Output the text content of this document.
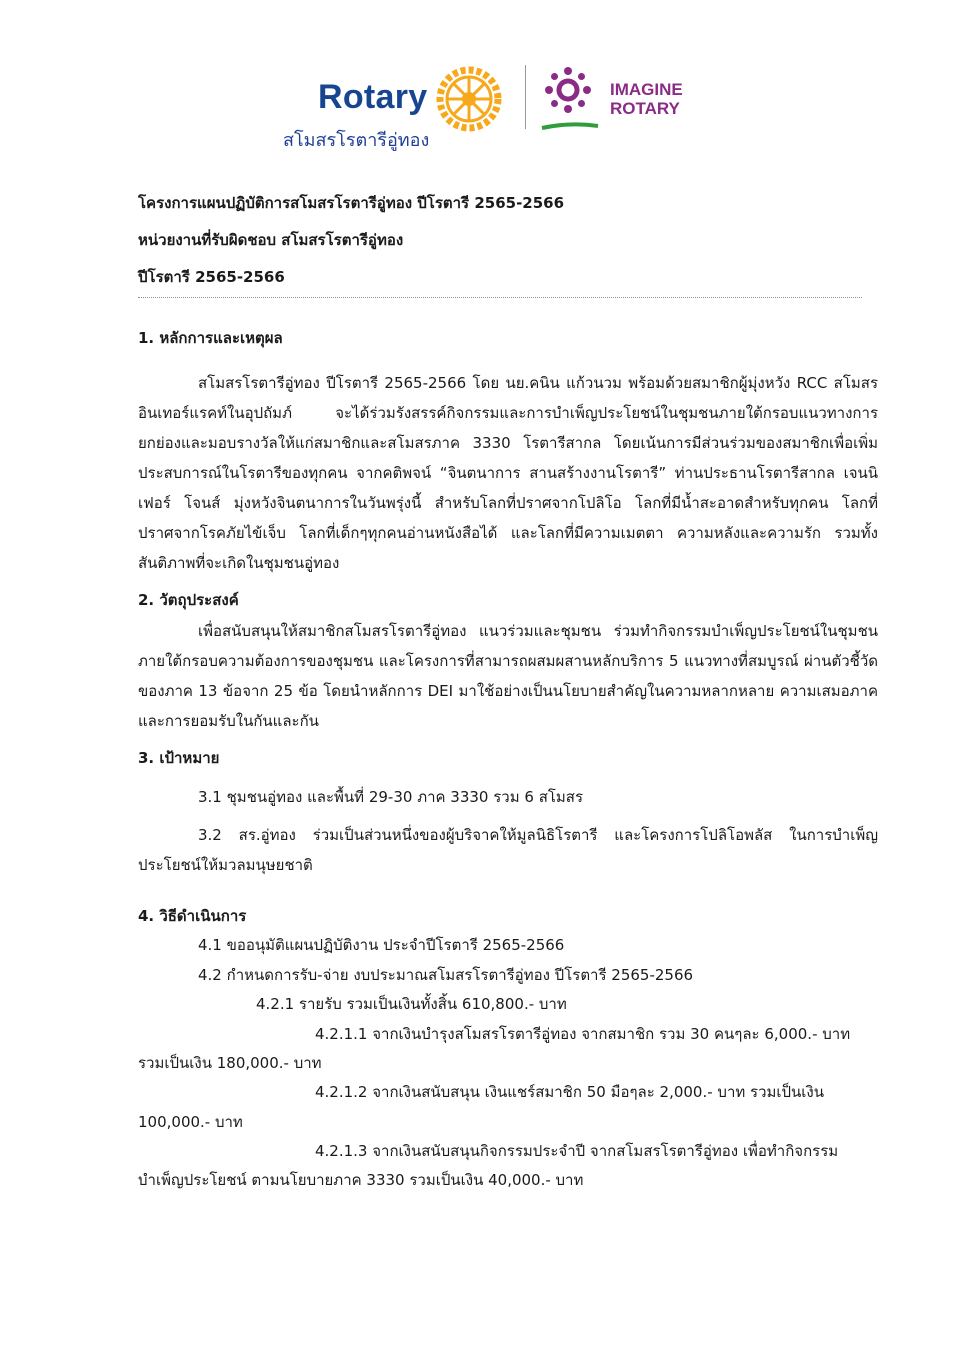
Rotary
สโมสรโรตารีอู่ทอง
IMAGINE
ROTARY
โครงการแผนปฏิบัติการสโมสรโรตารีอู่ทอง ปีโรตารี 2565-2566
หน่วยงานที่รับผิดชอบ สโมสรโรตารีอู่ทอง
ปีโรตารี 2565-2566
1. หลักการและเหตุผล
สโมสรโรตารีอู่ทอง ปีโรตารี 2565-2566 โดย นย.คนิน แก้วนวม พร้อมด้วยสมาชิกผู้มุ่งหวัง RCC สโมสรอินเทอร์แรคท์ในอุปถัมภ์ จะได้ร่วมรังสรรค์กิจกรรมและการบำเพ็ญประโยชน์ในชุมชนภายใต้กรอบแนวทางการยกย่องและมอบรางวัลให้แก่สมาชิกและสโมสรภาค 3330 โรตารีสากล โดยเน้นการมีส่วนร่วมของสมาชิกเพื่อเพิ่มประสบการณ์ในโรตารีของทุกคน จากคติพจน์ “จินตนาการ สานสร้างงานโรตารี” ท่านประธานโรตารีสากล เจนนิเฟอร์ โจนส์ มุ่งหวังจินตนาการในวันพรุ่งนี้ สำหรับโลกที่ปราศจากโปลิโอ โลกที่มีน้ำสะอาดสำหรับทุกคน โลกที่ปราศจากโรคภัยไข้เจ็บ โลกที่เด็กๆทุกคนอ่านหนังสือได้ และโลกที่มีความเมตตา ความหลังและความรัก รวมทั้งสันติภาพที่จะเกิดในชุมชนอู่ทอง
2. วัตถุประสงค์
เพื่อสนับสนุนให้สมาชิกสโมสรโรตารีอู่ทอง แนวร่วมและชุมชน ร่วมทำกิจกรรมบำเพ็ญประโยชน์ในชุมชน ภายใต้กรอบความต้องการของชุมชน และโครงการที่สามารถผสมผสานหลักบริการ 5 แนวทางที่สมบูรณ์ ผ่านตัวชี้วัดของภาค 13 ข้อจาก 25 ข้อ โดยนำหลักการ DEI มาใช้อย่างเป็นนโยบายสำคัญในความหลากหลาย ความเสมอภาคและการยอมรับในกันและกัน
3. เป้าหมาย
3.1 ชุมชนอู่ทอง และพื้นที่ 29-30 ภาค 3330 รวม 6 สโมสร
3.2 สร.อู่ทอง ร่วมเป็นส่วนหนึ่งของผู้บริจาคให้มูลนิธิโรตารี และโครงการโปลิโอพลัส ในการบำเพ็ญประโยชน์ให้มวลมนุษยชาติ
4. วิธีดำเนินการ
4.1 ขออนุมัติแผนปฏิบัติงาน ประจำปีโรตารี 2565-2566
4.2 กำหนดการรับ-จ่าย งบประมาณสโมสรโรตารีอู่ทอง ปีโรตารี 2565-2566
4.2.1 รายรับ รวมเป็นเงินทั้งสิ้น 610,800.- บาท
4.2.1.1 จากเงินบำรุงสโมสรโรตารีอู่ทอง จากสมาชิก รวม 30 คนๆละ 6,000.- บาท
รวมเป็นเงิน 180,000.- บาท
4.2.1.2 จากเงินสนับสนุน เงินแชร์สมาชิก 50 มือๆละ 2,000.- บาท รวมเป็นเงิน
100,000.- บาท
4.2.1.3 จากเงินสนับสนุนกิจกรรมประจำปี จากสโมสรโรตารีอู่ทอง เพื่อทำกิจกรรม
บำเพ็ญประโยชน์ ตามนโยบายภาค 3330 รวมเป็นเงิน 40,000.- บาท
